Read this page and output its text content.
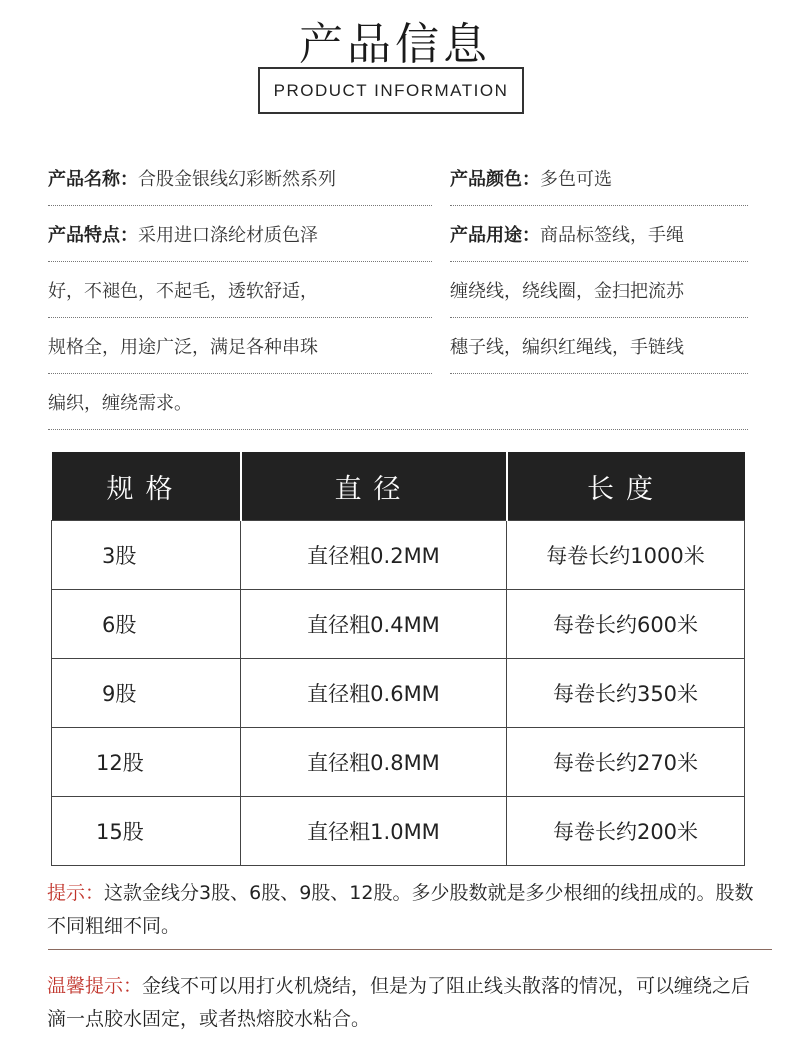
产品信息
PRODUCT INFORMATION
产品名称： 合股金银线幻彩断然系列	产品颜色： 多色可选
产品特点： 采用进口涤纶材质色泽	产品用途： 商品标签线，手绳
好，不褪色，不起毛，透软舒适，	缠绕线，绕线圈，金扫把流苏
规格全，用途广泛，满足各种串珠	穗子线，编织红绳线，手链线
编织，缠绕需求。
规格	直径	长度
3股	直径粗0.2MM	每卷长约1000米
6股	直径粗0.4MM	每卷长约600米
9股	直径粗0.6MM	每卷长约350米
12股	直径粗0.8MM	每卷长约270米
15股	直径粗1.0MM	每卷长约200米
提示：这款金线分3股、6股、9股、12股。多少股数就是多少根细的线扭成的。股数不同粗细不同。
温馨提示：金线不可以用打火机烧结，但是为了阻止线头散落的情况，可以缠绕之后滴一点胶水固定，或者热熔胶水粘合。
